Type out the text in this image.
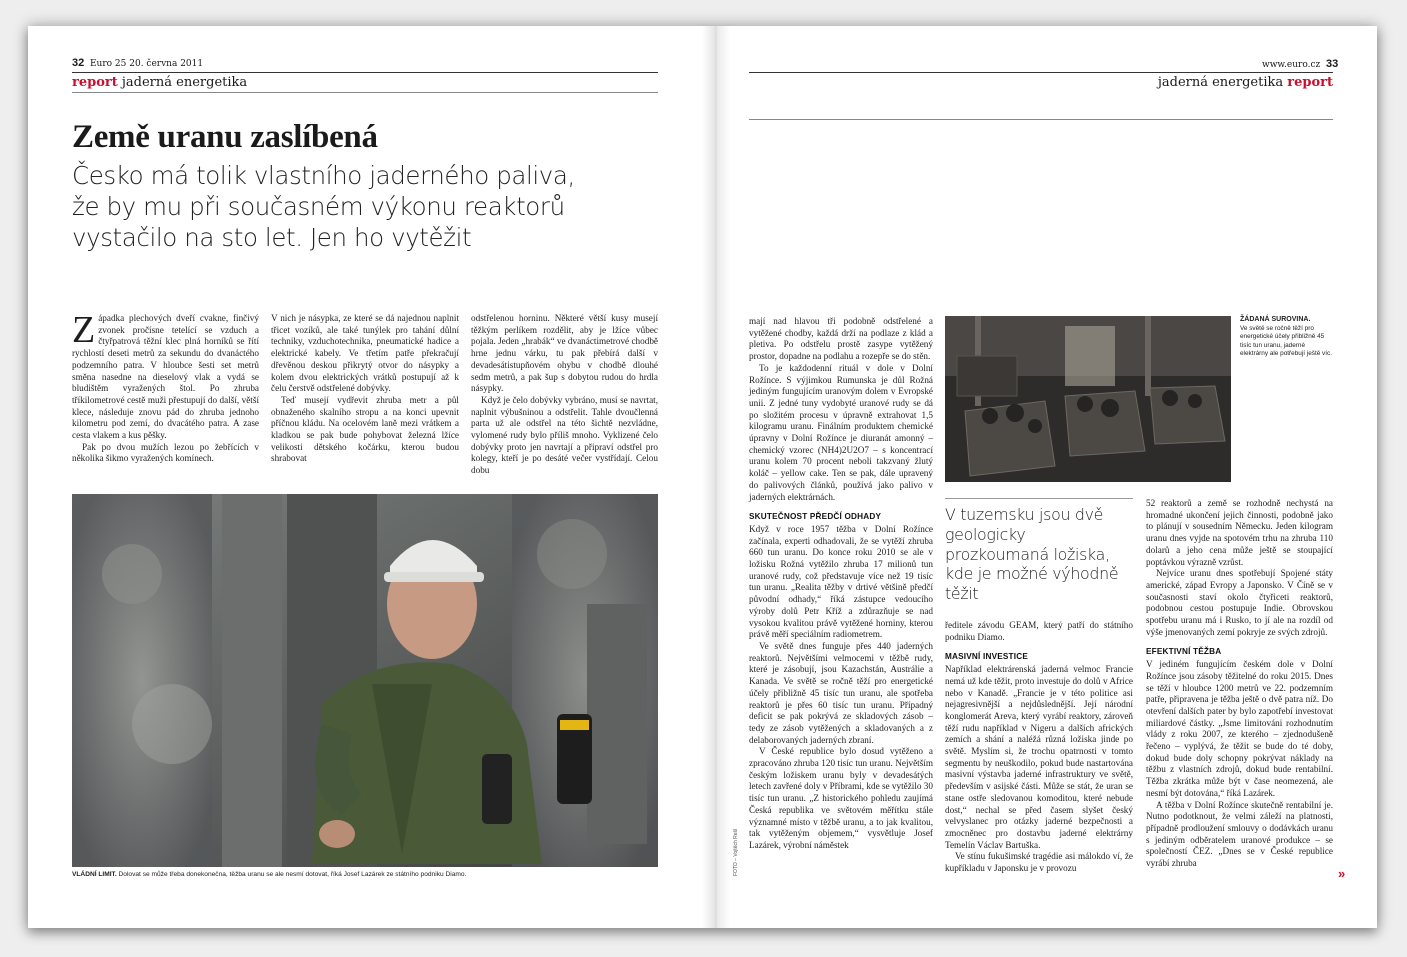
32 Euro 25 20. června 2011
report jaderná energetika
Země uranu zaslíbená
Česko má tolik vlastního jaderného paliva, že by mu při současném výkonu reaktorů vystačilo na sto let. Jen ho vytěžit

Západka plechových dveří cvakne, finčivý zvonek pročísne tetelící se vzduch a čtyřpatrová těžní klec plná horníků se řítí rychlostí deseti metrů za sekundu do dvanáctého podzemního patra. V hloubce šesti set metrů směna nasedne na dieselový vlak a vydá se bludištěm vyražených štol. Po zhruba tříkilometrové cestě muži přestupují do další, větší klece, následuje znovu pád do zhruba jednoho kilometru pod zemí, do dvacátého patra. A zase cesta vlakem a kus pěšky.

Pak po dvou mužích lezou po žebřících v několika šikmo vyražených komínech.

V nich je násypka, ze které se dá najednou naplnit třicet vozíků, ale také tunýlek pro tahání důlní techniky, vzduchotechnika, pneumatické hadice a elektrické kabely. Ve třetím patře překračují dřevěnou deskou přikrytý otvor do násypky a kolem dvou elektrických vrátků postupují až k čelu čerstvě odstřelené dobývky.

Teď musejí vydřevit zhruba metr a půl obnaženého skalního stropu a na konci upevnit příčnou kládu. Na ocelovém laně mezi vrátkem a kladkou se pak bude pohybovat železná lžíce velikosti dětského kočárku, kterou budou shrabovat

odstřelenou horninu. Některé větší kusy musejí těžkým perlíkem rozdělit, aby je lžíce vůbec pojala. Jeden „hrabák“ ve dvanáctimetrové chodbě hrne jednu várku, tu pak přebírá další v devadesátistupňovém ohybu v chodbě dlouhé sedm metrů, a pak šup s dobytou rudou do hrdla násypky.

Když je čelo dobývky vybráno, musí se navrtat, naplnit výbušninou a odstřelit. Tahle dvoučlenná parta už ale odstřel na této šichtě nezvládne, vylomené rudy bylo příliš mnoho. Vyklizené čelo dobývky proto jen navrtají a připraví odstřel pro kolegy, kteří je po desáté večer vystřídají. Celou dobu

VLÁDNÍ LIMIT. Dolovat se může třeba donekonečna, těžba uranu se ale nesmí dotovat, říká Josef Lazárek ze státního podniku Diamo.
www.euro.cz 33
jaderná energetika report

mají nad hlavou tři podobně odstřelené a vytěžené chodby, každá drží na podlaze z klád a pletiva. Po odstřelu prostě zasype vytěžený prostor, dopadne na podlahu a rozepře se do stěn.

To je každodenní rituál v dole v Dolní Rožínce. S výjimkou Rumunska je důl Rožná jediným fungujícím uranovým dolem v Evropské unii. Z jedné tuny vydobyté uranové rudy se dá po složitém procesu v úpravně extrahovat 1,5 kilogramu uranu. Finálním produktem chemické úpravny v Dolní Rožínce je diuranát amonný – chemický vzorec (NH4)2U2O7 – s koncentrací uranu kolem 70 procent neboli takzvaný žlutý koláč – yellow cake. Ten se pak, dále upravený do palivových článků, používá jako palivo v jaderných elektrárnách.

SKUTEČNOST PŘEDČÍ ODHADY

Když v roce 1957 těžba v Dolní Rožínce začínala, experti odhadovali, že se vytěží zhruba 660 tun uranu. Do konce roku 2010 se ale v ložisku Rožná vytěžilo zhruba 17 milionů tun uranové rudy, což představuje více než 19 tisíc tun uranu. „Realita těžby v drtivé většině předčí původní odhady,“ říká zástupce vedoucího výroby dolů Petr Kříž a zdůrazňuje se nad vysokou kvalitou právě vytěžené horniny, kterou právě měří speciálním radiometrem.

Ve světě dnes funguje přes 440 jaderných reaktorů. Největšími velmocemi v těžbě rudy, které je zásobují, jsou Kazachstán, Austrálie a Kanada. Ve světě se ročně těží pro energetické účely přibližně 45 tisíc tun uranu, ale spotřeba reaktorů je přes 60 tisíc tun uranu. Případný deficit se pak pokrývá ze skladových zásob – tedy ze zásob vytěžených a skladovaných a z delaborovaných jaderných zbraní.

V České republice bylo dosud vytěženo a zpracováno zhruba 120 tisíc tun uranu. Největším českým ložiskem uranu byly v devadesátých letech zavřené doly v Příbrami, kde se vytěžilo 30 tisíc tun uranu. „Z historického pohledu zaujímá Česká republika ve světovém měřítku stále významné místo v těžbě uranu, a to jak kvalitou, tak vytěženým objemem,“ vysvětluje Josef Lazárek, výrobní náměstek

FOTO – Vojtěch Rešl
ŽÁDANÁ SUROVINA.
Ve světě se ročně těží pro energetické účely přibližně 45 tisíc tun uranu, jaderné elektrárny ale potřebují ještě víc.
V tuzemsku jsou dvě geologicky prozkoumaná ložiska, kde je možné výhodně těžit

ředitele závodu GEAM, který patří do státního podniku Diamo.

MASIVNÍ INVESTICE

Například elektrárenská jaderná velmoc Francie nemá už kde těžit, proto investuje do dolů v Africe nebo v Kanadě. „Francie je v této politice asi nejagresivnější a nejdůslednější. Její národní konglomerát Areva, který vyrábí reaktory, zároveň těží rudu například v Nigeru a dalších afrických zemích a shání a naléžá různá ložiska jinde po světě. Myslím si, že trochu opatrnosti v tomto segmentu by neuškodilo, pokud bude nastartována masivní výstavba jaderné infrastruktury ve světě, především v asijské části. Může se stát, že uran se stane ostře sledovanou komoditou, které nebude dost,“ nechal se před časem slyšet český velvyslanec pro otázky jaderné bezpečnosti a zmocněnec pro dostavbu jaderné elektrárny Temelín Václav Bartuška.

Ve stínu fukušimské tragédie asi málokdo ví, že kupříkladu v Japonsku je v provozu

52 reaktorů a země se rozhodně nechystá na hromadné ukončení jejich činnosti, podobně jako to plánují v sousedním Německu. Jeden kilogram uranu dnes vyjde na spotovém trhu na zhruba 110 dolarů a jeho cena může ještě se stoupající poptávkou výrazně vzrůst.

Nejvíce uranu dnes spotřebují Spojené státy americké, západ Evropy a Japonsko. V Číně se v současnosti staví okolo čtyřiceti reaktorů, podobnou cestou postupuje Indie. Obrovskou spotřebu uranu má i Rusko, to jí ale na rozdíl od výše jmenovaných zemí pokryje ze svých zdrojů.

EFEKTIVNÍ TĚŽBA

V jediném fungujícím českém dole v Dolní Rožínce jsou zásoby těžitelné do roku 2015. Dnes se těží v hloubce 1200 metrů ve 22. podzemním patře, připravena je těžba ještě o dvě patra níž. Do otevření dalších pater by bylo zapotřebí investovat miliardové částky. „Jsme limitováni rozhodnutím vlády z roku 2007, ze kterého – zjednodušeně řečeno – vyplývá, že těžit se bude do té doby, dokud bude doly schopny pokrývat náklady na těžbu z vlastních zdrojů, dokud bude rentabilní. Těžba zkrátka může být v čase neomezená, ale nesmí být dotována,“ říká Lazárek.

A těžba v Dolní Rožínce skutečně rentabilní je. Nutno podotknout, že velmi záleží na platnosti, případně prodloužení smlouvy o dodávkách uranu s jediným odběratelem uranové produkce – se společností ČEZ. „Dnes se v České republice vyrábí zhruba

»
